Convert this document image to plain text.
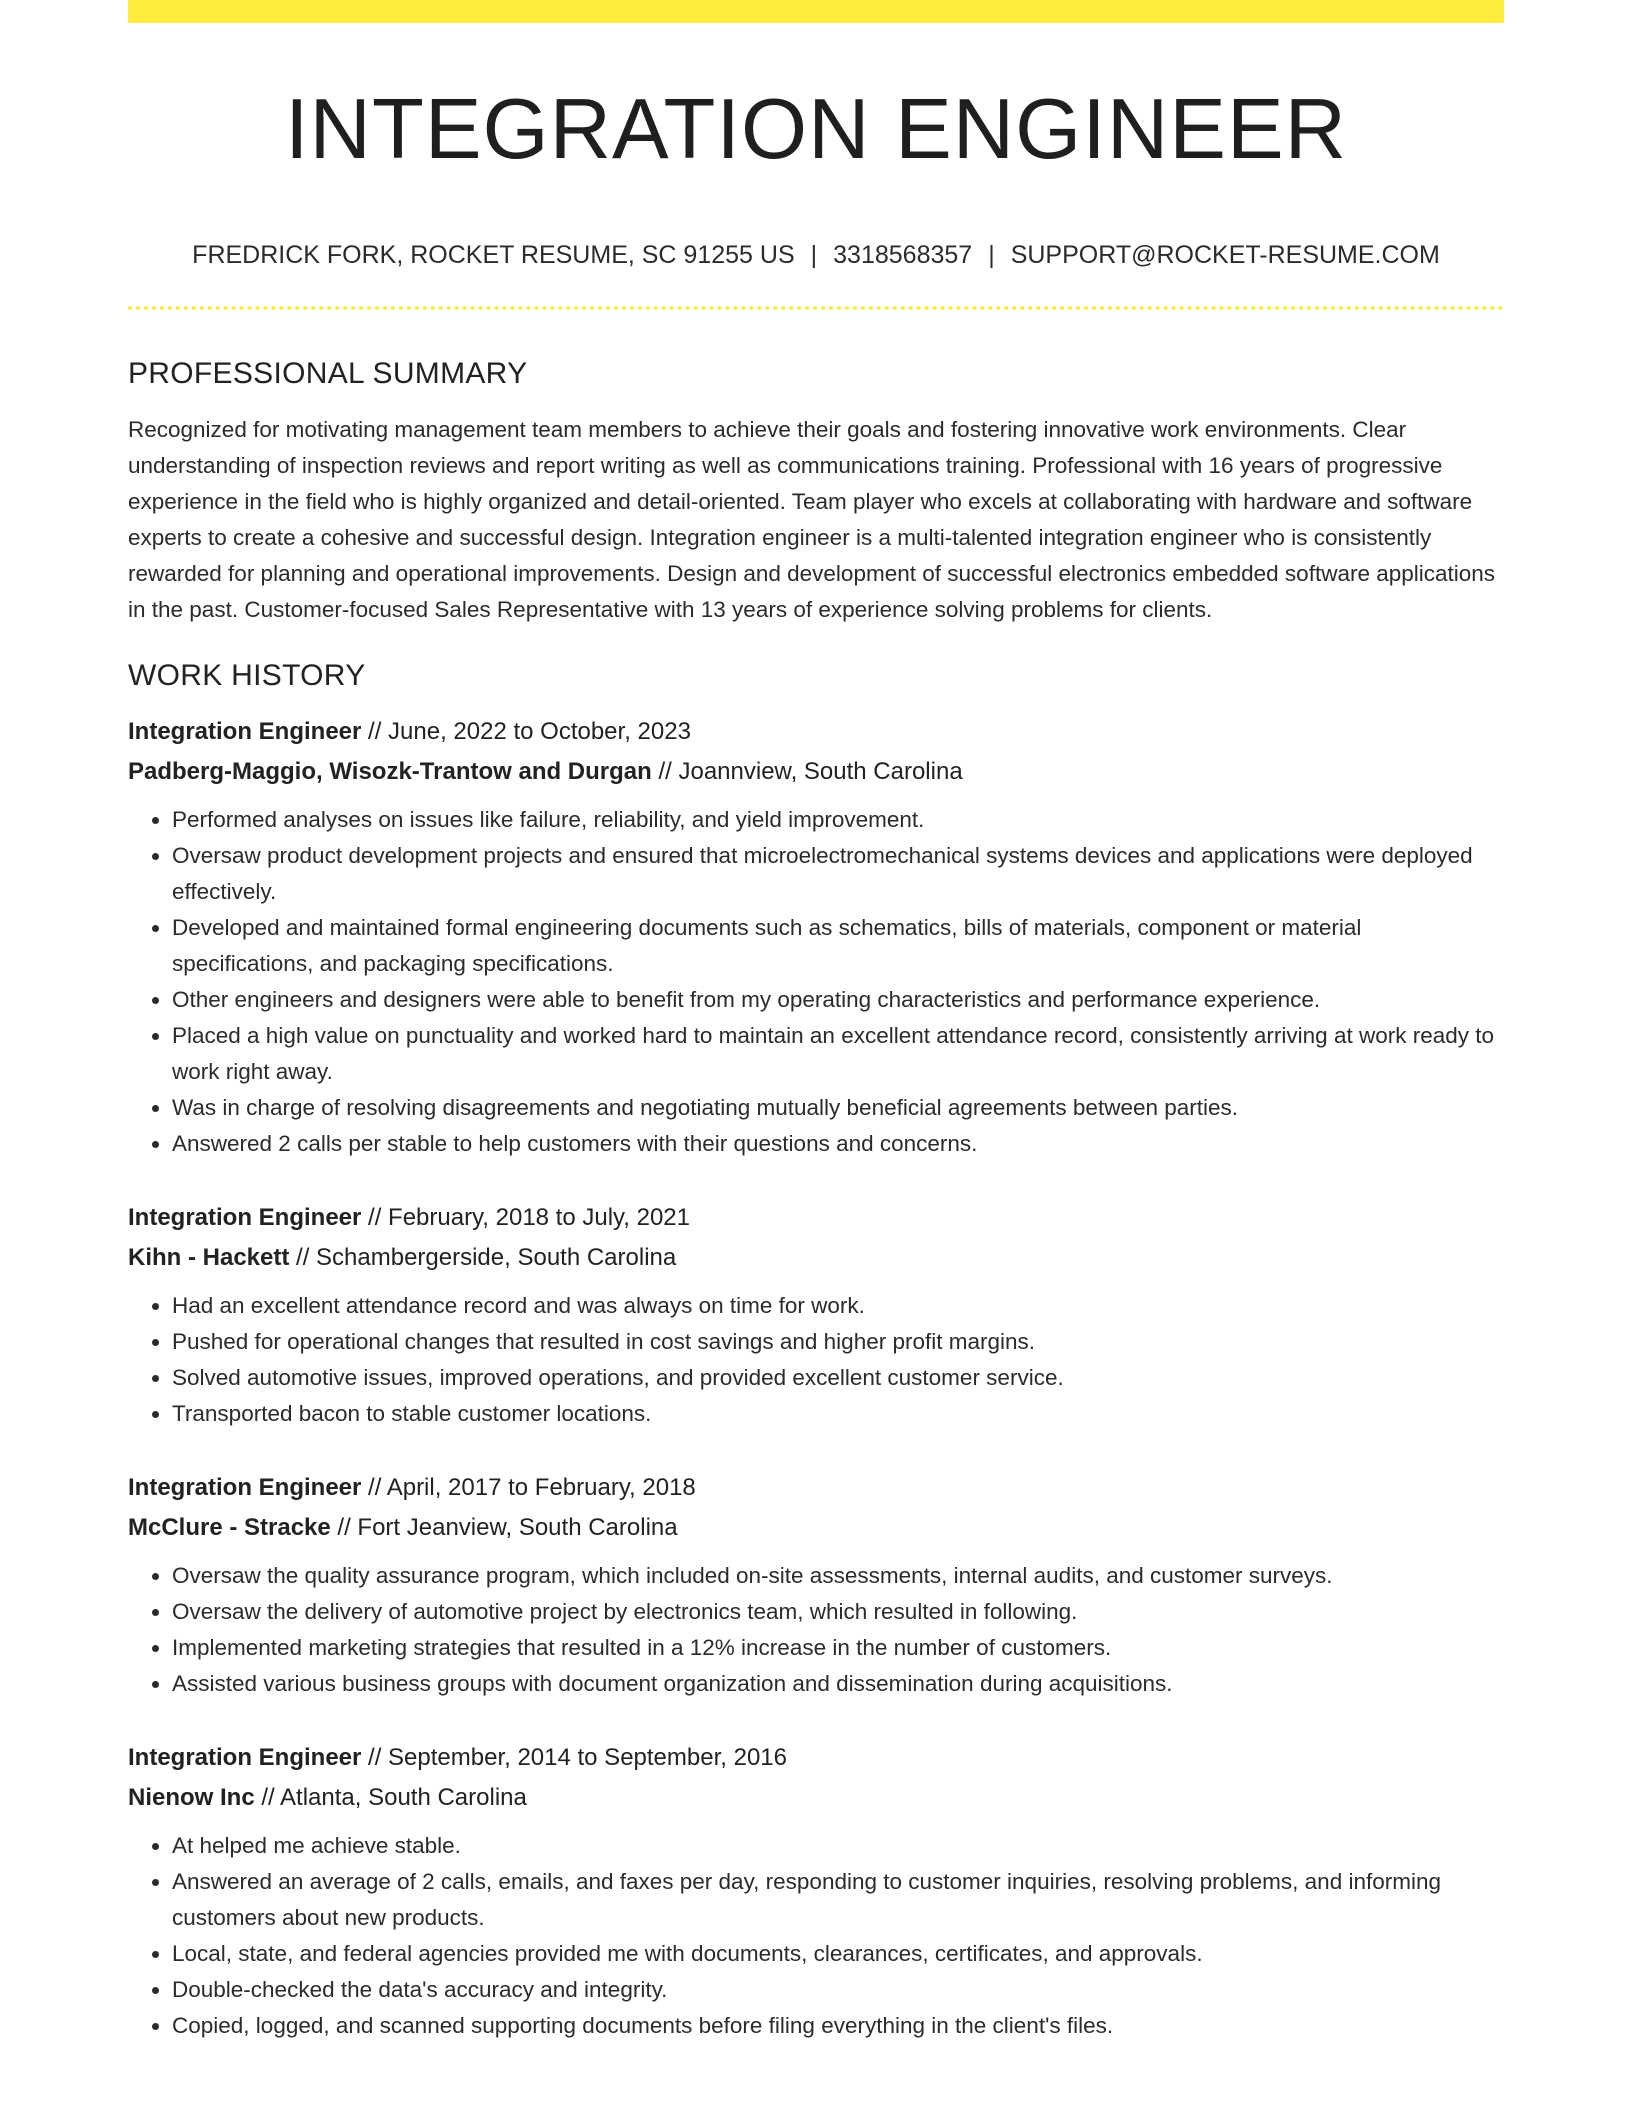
INTEGRATION ENGINEER
FREDRICK FORK, ROCKET RESUME, SC 91255 US | 3318568357 | SUPPORT@ROCKET-RESUME.COM
PROFESSIONAL SUMMARY

Recognized for motivating management team members to achieve their goals and fostering innovative work environments. Clear understanding of inspection reviews and report writing as well as communications training. Professional with 16 years of progressive experience in the field who is highly organized and detail-oriented. Team player who excels at collaborating with hardware and software experts to create a cohesive and successful design. Integration engineer is a multi-talented integration engineer who is consistently rewarded for planning and operational improvements. Design and development of successful electronics embedded software applications in the past. Customer-focused Sales Representative with 13 years of experience solving problems for clients.

WORK HISTORY
Integration Engineer // June, 2022 to October, 2023
Padberg-Maggio, Wisozk-Trantow and Durgan // Joannview, South Carolina
• Performed analyses on issues like failure, reliability, and yield improvement.
• Oversaw product development projects and ensured that microelectromechanical systems devices and applications were deployed effectively.
• Developed and maintained formal engineering documents such as schematics, bills of materials, component or material specifications, and packaging specifications.
• Other engineers and designers were able to benefit from my operating characteristics and performance experience.
• Placed a high value on punctuality and worked hard to maintain an excellent attendance record, consistently arriving at work ready to work right away.
• Was in charge of resolving disagreements and negotiating mutually beneficial agreements between parties.
• Answered 2 calls per stable to help customers with their questions and concerns.
Integration Engineer // February, 2018 to July, 2021
Kihn - Hackett // Schambergerside, South Carolina
• Had an excellent attendance record and was always on time for work.
• Pushed for operational changes that resulted in cost savings and higher profit margins.
• Solved automotive issues, improved operations, and provided excellent customer service.
• Transported bacon to stable customer locations.
Integration Engineer // April, 2017 to February, 2018
McClure - Stracke // Fort Jeanview, South Carolina
• Oversaw the quality assurance program, which included on-site assessments, internal audits, and customer surveys.
• Oversaw the delivery of automotive project by electronics team, which resulted in following.
• Implemented marketing strategies that resulted in a 12% increase in the number of customers.
• Assisted various business groups with document organization and dissemination during acquisitions.
Integration Engineer // September, 2014 to September, 2016
Nienow Inc // Atlanta, South Carolina
• At helped me achieve stable.
• Answered an average of 2 calls, emails, and faxes per day, responding to customer inquiries, resolving problems, and informing customers about new products.
• Local, state, and federal agencies provided me with documents, clearances, certificates, and approvals.
• Double-checked the data's accuracy and integrity.
• Copied, logged, and scanned supporting documents before filing everything in the client's files.
